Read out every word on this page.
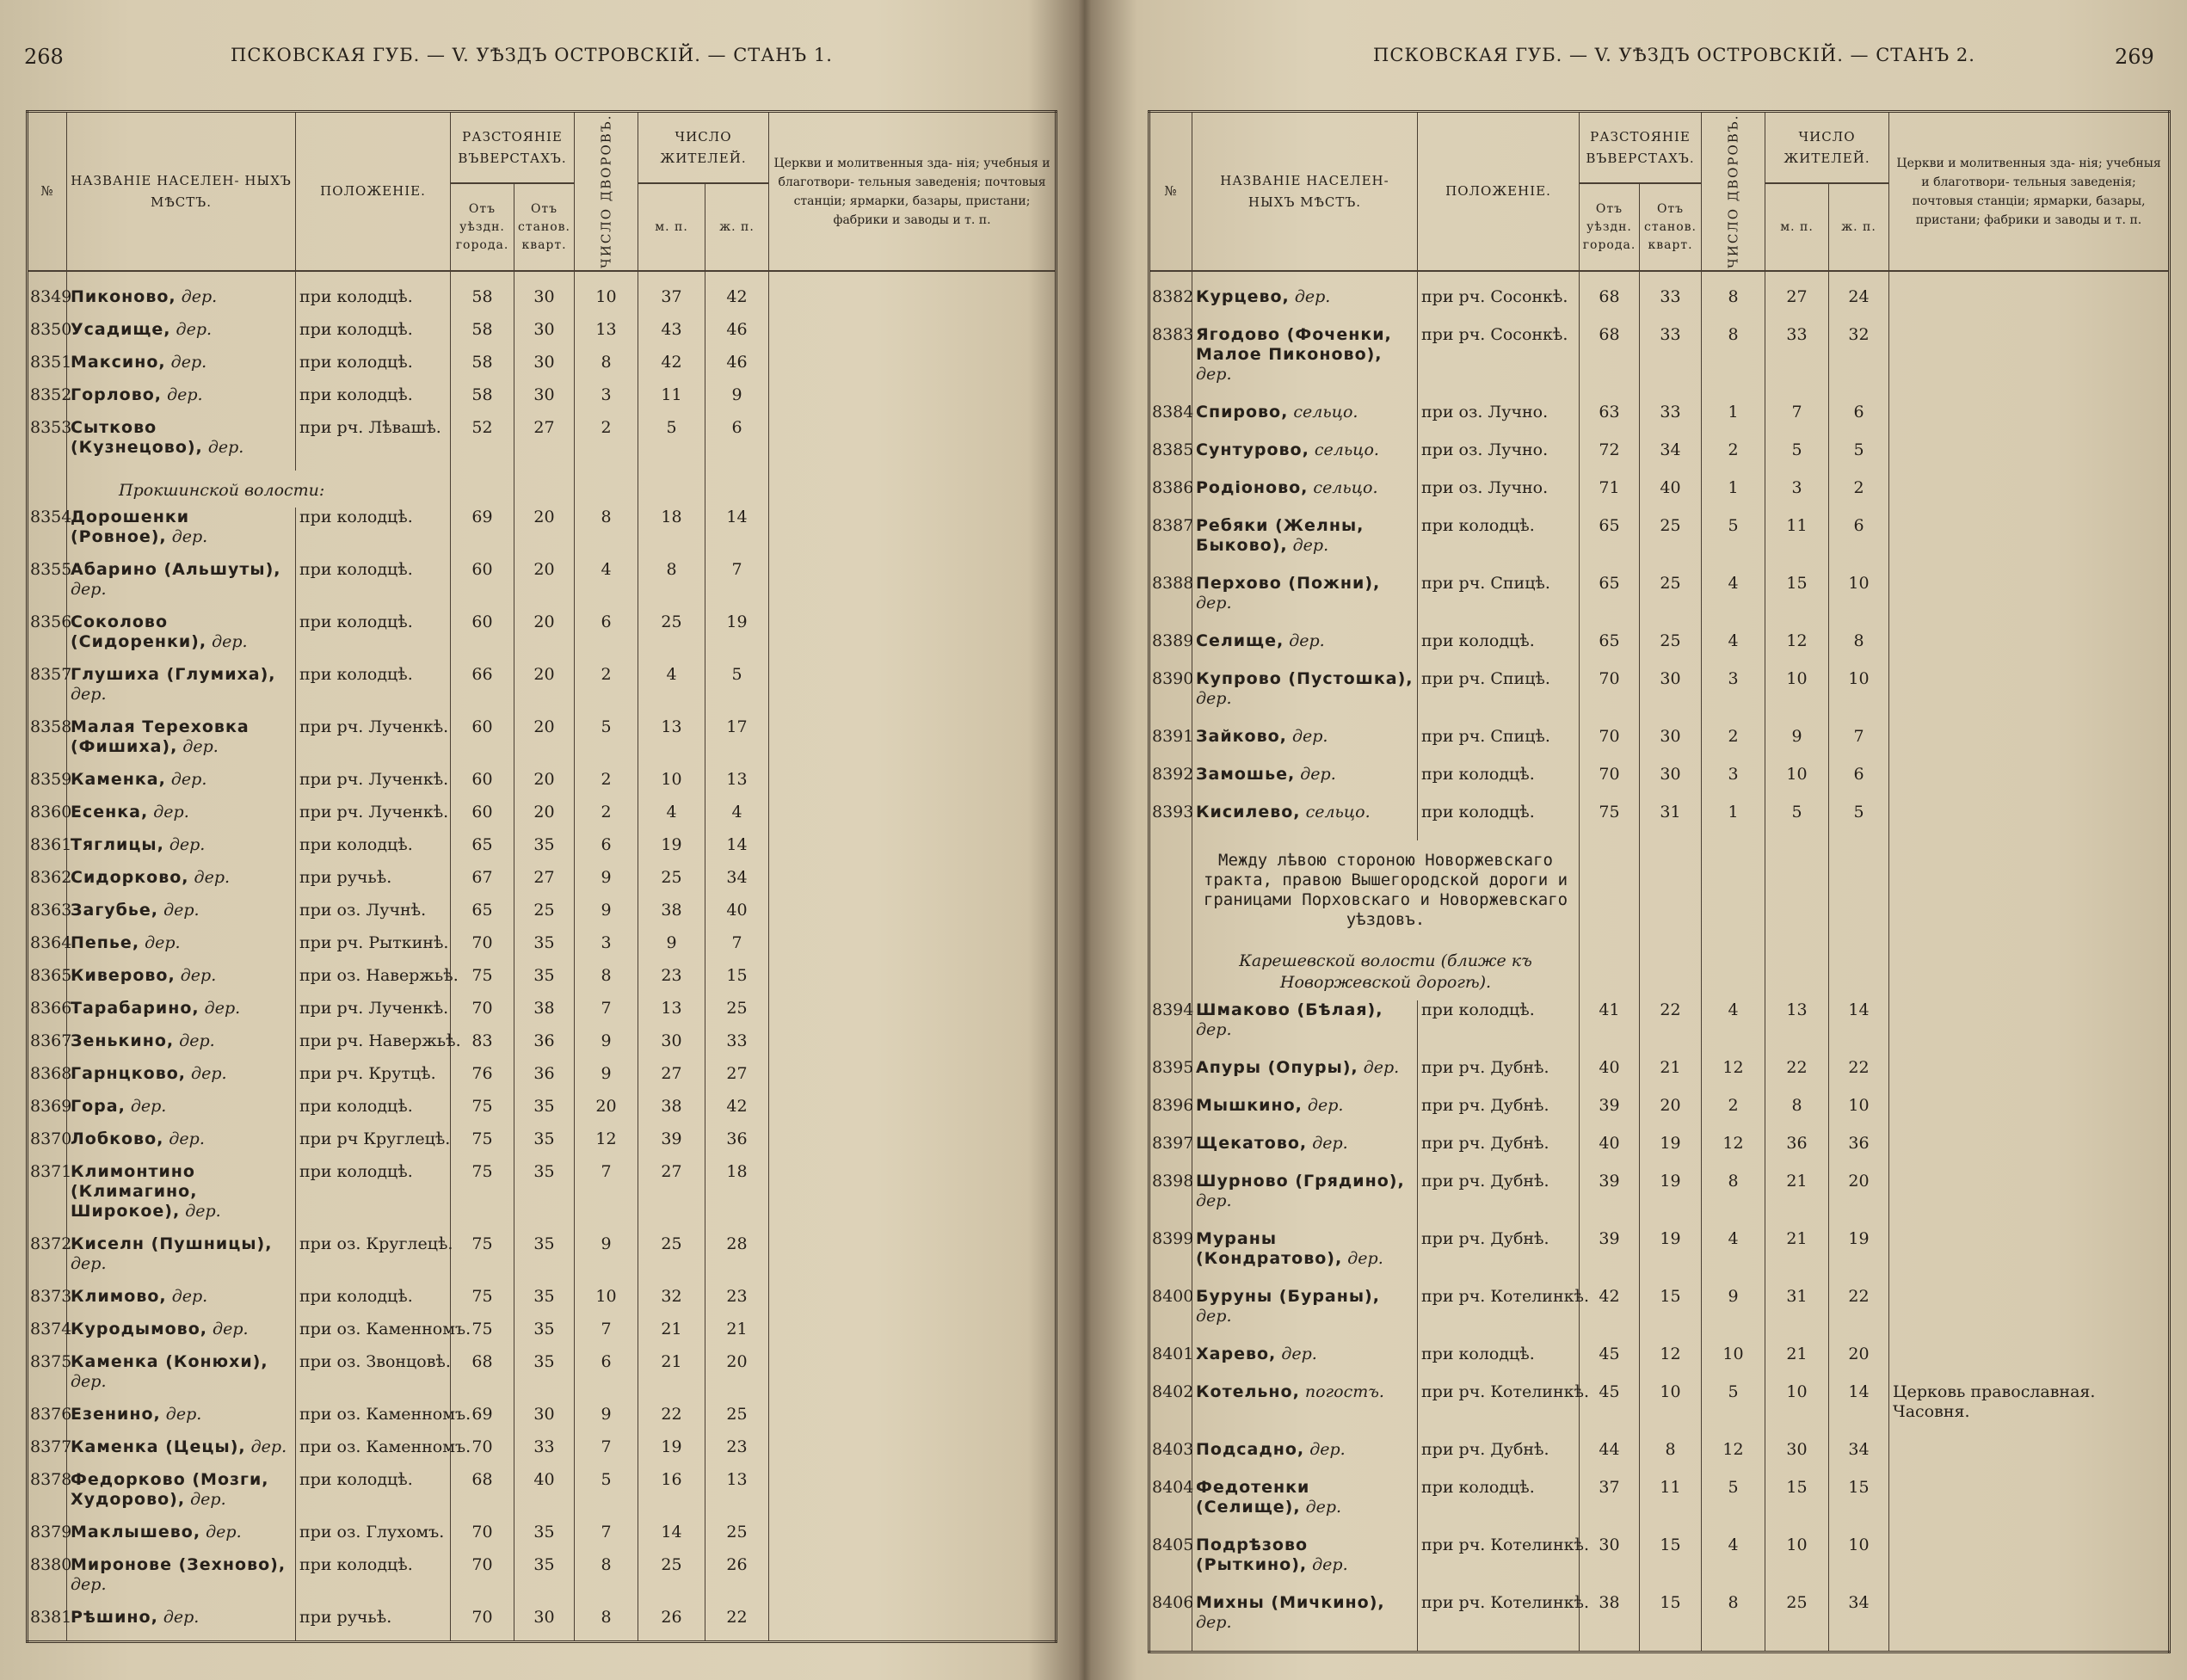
268	ПСКОВСКАЯ ГУБ. — V. УѢЗДЪ ОСТРОВСКІЙ. — СТАНЪ 1.
№	НАЗВАНІЕ НАСЕЛЕН- НЫХЪ МѢСТЪ.	ПОЛОЖЕНІЕ.	РАЗСТОЯНІЕ ВЪВЕРСТАХЪ.		ЧИСЛО ДВОРОВЪ.	ЧИСЛО ЖИТЕЛЕЙ.		Церкви и молитвенныя зда- нія; учебныя и благотвори- тельныя заведенія; почтовыя станціи; ярмарки, базары, пристани; фабрики и заводы и т. п.
			Отъ уѣздн. города.	Отъ станов. кварт.		м. п.	ж. п.	
8349	Пиконово, дер.	при колодцѣ.	58	30	10	37	42	
8350	Усадище, дер.	при колодцѣ.	58	30	13	43	46	
8351	Максино, дер.	при колодцѣ.	58	30	8	42	46	
8352	Горлово, дер.	при колодцѣ.	58	30	3	11	9	
8353	Сытково (Кузнецово), дер.	при рч. Лѣвашѣ.	52	27	2	5	6	
	Прокшинской волости:							
8354	Дорошенки (Ровное), дер.	при колодцѣ.	69	20	8	18	14	
8355	Абарино (Альшуты), дер.	при колодцѣ.	60	20	4	8	7	
8356	Соколово (Сидоренки), дер.	при колодцѣ.	60	20	6	25	19	
8357	Глушиха (Глумиха), дер.	при колодцѣ.	66	20	2	4	5	
8358	Малая Тереховка (Фишиха), дер.	при рч. Лученкѣ.	60	20	5	13	17	
8359	Каменка, дер.	при рч. Лученкѣ.	60	20	2	10	13	
8360	Есенка, дер.	при рч. Лученкѣ.	60	20	2	4	4	
8361	Тяглицы, дер.	при колодцѣ.	65	35	6	19	14	
8362	Сидорково, дер.	при ручьѣ.	67	27	9	25	34	
8363	Загубье, дер.	при оз. Лучнѣ.	65	25	9	38	40	
8364	Пепье, дер.	при рч. Рыткинѣ.	70	35	3	9	7	
8365	Киверово, дер.	при оз. Навержьѣ.	75	35	8	23	15	
8366	Тарабарино, дер.	при рч. Лученкѣ.	70	38	7	13	25	
8367	Зенькино, дер.	при рч. Навержьѣ.	83	36	9	30	33	
8368	Гарнцково, дер.	при рч. Крутцѣ.	76	36	9	27	27	
8369	Гора, дер.	при колодцѣ.	75	35	20	38	42	
8370	Лобково, дер.	при рч Круглецѣ.	75	35	12	39	36	
8371	Климонтино (Климагино, Широкое), дер.	при колодцѣ.	75	35	7	27	18	
8372	Киселн (Пушницы), дер.	при оз. Круглецѣ.	75	35	9	25	28	
8373	Климово, дер.	при колодцѣ.	75	35	10	32	23	
8374	Куродымово, дер.	при оз. Каменномъ.	75	35	7	21	21	
8375	Каменка (Конюхи), дер.	при оз. Звонцовѣ.	68	35	6	21	20	
8376	Езенино, дер.	при оз. Каменномъ.	69	30	9	22	25	
8377	Каменка (Цецы), дер.	при оз. Каменномъ.	70	33	7	19	23	
8378	Федорково (Мозги, Худорово), дер.	при колодцѣ.	68	40	5	16	13	
8379	Маклышево, дер.	при оз. Глухомъ.	70	35	7	14	25	
8380	Миронове (Зехново), дер.	при колодцѣ.	70	35	8	25	26	
8381	Рѣшино, дер.	при ручьѣ.	70	30	8	26	22	

ПСКОВСКАЯ ГУБ. — V. УѢЗДЪ ОСТРОВСКІЙ. — СТАНЪ 2.	269
№	НАЗВАНІЕ НАСЕЛЕН- НЫХЪ МѢСТЪ.	ПОЛОЖЕНІЕ.	РАЗСТОЯНІЕ ВЪВЕРСТАХЪ.		ЧИСЛО ДВОРОВЪ.	ЧИСЛО ЖИТЕЛЕЙ.		Церкви и молитвенныя зда- нія; учебныя и благотвори- тельныя заведенія; почтовыя станціи; ярмарки, базары, пристани; фабрики и заводы и т. п.
			Отъ уѣздн. города.	Отъ станов. кварт.		м. п.	ж. п.	
8382	Курцево, дер.	при рч. Сосонкѣ.	68	33	8	27	24	
8383	Ягодово (Фоченки, Малое Пиконово), дер.	при рч. Сосонкѣ.	68	33	8	33	32	
8384	Спирово, сельцо.	при оз. Лучно.	63	33	1	7	6	
8385	Сунтурово, сельцо.	при оз. Лучно.	72	34	2	5	5	
8386	Родіоново, сельцо.	при оз. Лучно.	71	40	1	3	2	
8387	Ребяки (Желны, Быково), дер.	при колодцѣ.	65	25	5	11	6	
8388	Перхово (Пожни), дер.	при рч. Спицѣ.	65	25	4	15	10	
8389	Селище, дер.	при колодцѣ.	65	25	4	12	8	
8390	Купрово (Пустошка), дер.	при рч. Спицѣ.	70	30	3	10	10	
8391	Зайково, дер.	при рч. Спицѣ.	70	30	2	9	7	
8392	Замошье, дер.	при колодцѣ.	70	30	3	10	6	
8393	Кисилево, сельцо.	при колодцѣ.	75	31	1	5	5	
	Между лѣвою стороною Новоржевскаго тракта, правою Вышегородской дороги и границами Порховскаго и Новоржевскаго уѣздовъ.
Карешевской волости (ближе къ Новоржевской дорогѣ).							

8394	Шмаково (Бѣлая), дер.	при колодцѣ.	41	22	4	13	14	
8395	Апуры (Опуры), дер.	при рч. Дубнѣ.	40	21	12	22	22	
8396	Мышкино, дер.	при рч. Дубнѣ.	39	20	2	8	10	
8397	Щекатово, дер.	при рч. Дубнѣ.	40	19	12	36	36	
8398	Шурново (Грядино), дер.	при рч. Дубнѣ.	39	19	8	21	20	
8399	Мураны (Кондратово), дер.	при рч. Дубнѣ.	39	19	4	21	19	
8400	Буруны (Бураны), дер.	при рч. Котелинкѣ.	42	15	9	31	22	
8401	Харево, дер.	при колодцѣ.	45	12	10	21	20	
8402	Котельно, погостъ.	при рч. Котелинкѣ.	45	10	5	10	14	Церковь православная. Часовня.
8403	Подсадно, дер.	при рч. Дубнѣ.	44	8	12	30	34	
8404	Федотенки (Селище), дер.	при колодцѣ.	37	11	5	15	15	
8405	Подрѣзово (Рыткино), дер.	при рч. Котелинкѣ.	30	15	4	10	10	
8406	Михны (Мичкино), дер.	при рч. Котелинкѣ.	38	15	8	25	34	
